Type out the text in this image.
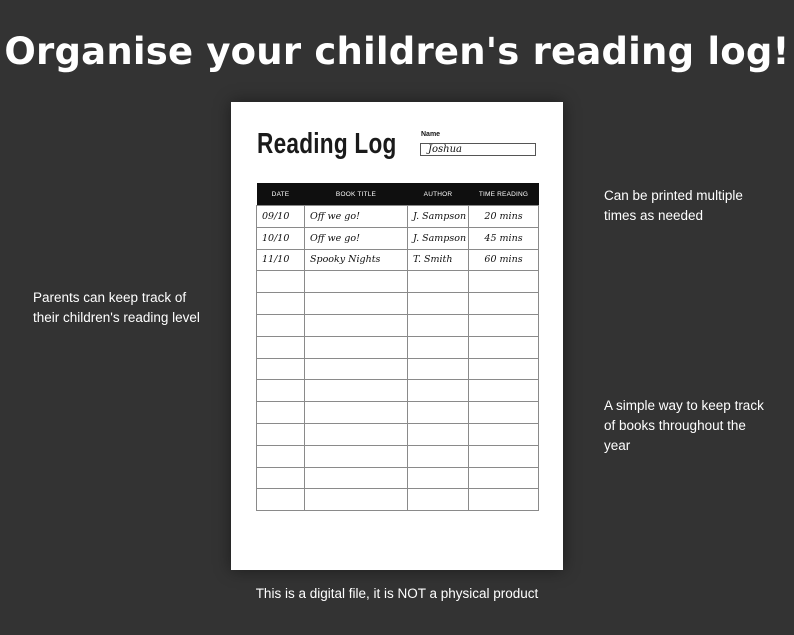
Organise your children's reading log!
Parents can keep track of their children's reading level
Can be printed multiple times as needed
A simple way to keep track of books throughout the year
Reading Log	Name
Joshua
DATE	BOOK TITLE	AUTHOR	TIME READING
09/10	Off we go!	J. Sampson	20 mins
10/10	Off we go!	J. Sampson	45 mins
11/10	Spooky Nights	T. Smith	60 mins

This is a digital file, it is NOT a physical product
